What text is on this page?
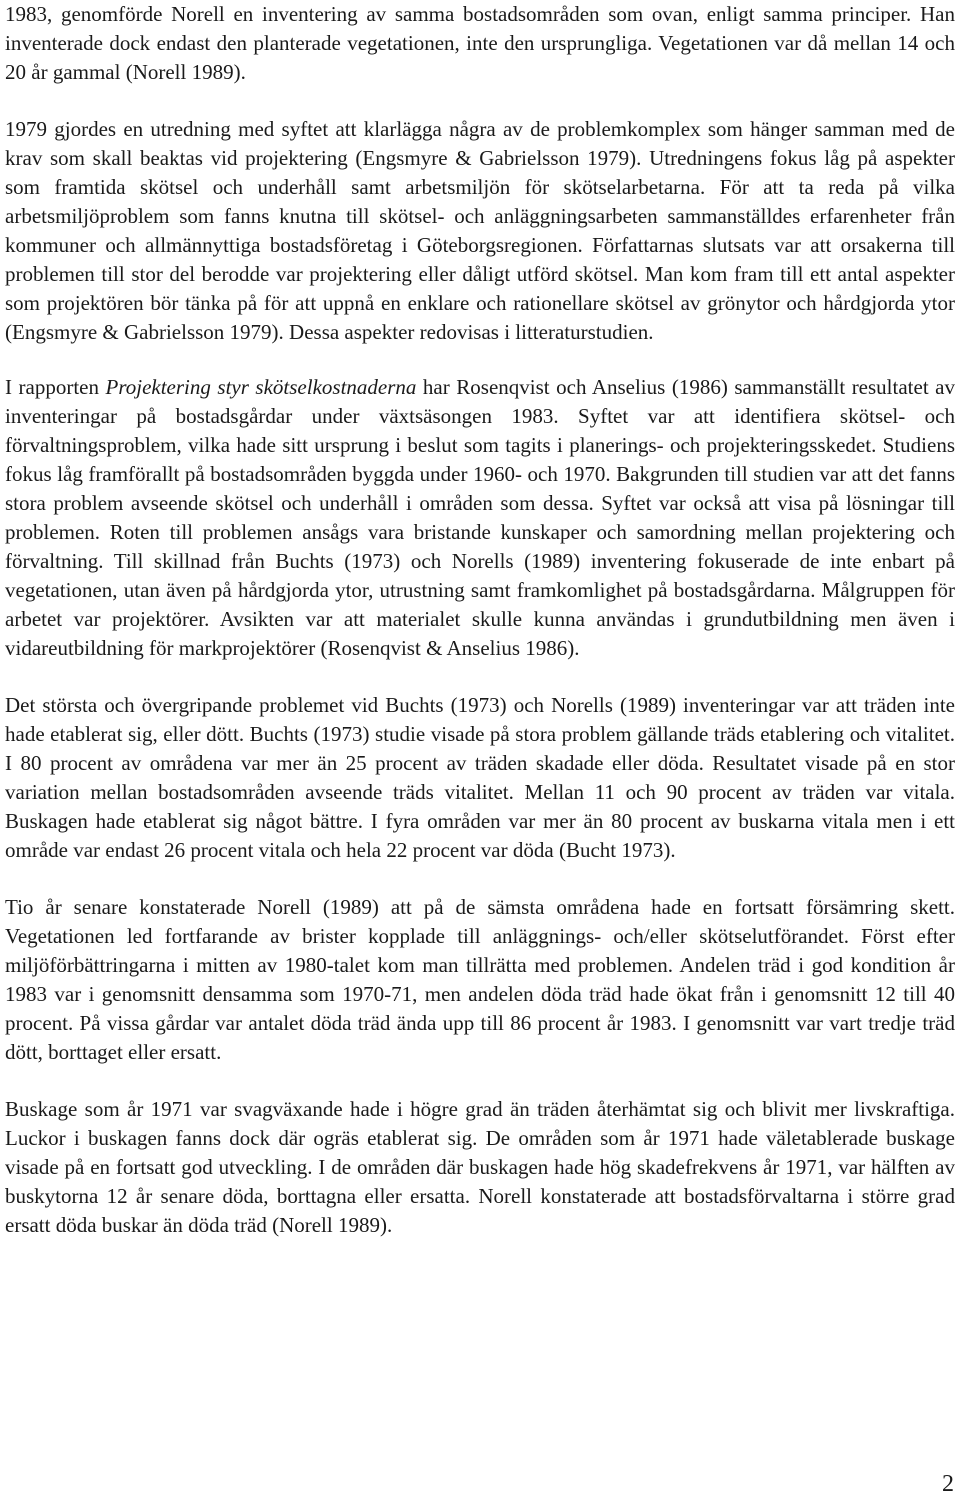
1983, genomförde Norell en inventering av samma bostadsområden som ovan, enligt samma principer. Han inventerade dock endast den planterade vegetationen, inte den ursprungliga. Vegetationen var då mellan 14 och 20 år gammal (Norell 1989).

1979 gjordes en utredning med syftet att klarlägga några av de problemkomplex som hänger samman med de krav som skall beaktas vid projektering (Engsmyre & Gabrielsson 1979). Utredningens fokus låg på aspekter som framtida skötsel och underhåll samt arbetsmiljön för skötselarbetarna. För att ta reda på vilka arbetsmiljöproblem som fanns knutna till skötsel- och anläggningsarbeten sammanställdes erfarenheter från kommuner och allmännyttiga bostadsföretag i Göteborgsregionen. Författarnas slutsats var att orsakerna till problemen till stor del berodde var projektering eller dåligt utförd skötsel. Man kom fram till ett antal aspekter som projektören bör tänka på för att uppnå en enklare och rationellare skötsel av grönytor och hårdgjorda ytor (Engsmyre & Gabrielsson 1979). Dessa aspekter redovisas i litteraturstudien.

I rapporten Projektering styr skötselkostnaderna har Rosenqvist och Anselius (1986) sammanställt resultatet av inventeringar på bostadsgårdar under växtsäsongen 1983. Syftet var att identifiera skötsel- och förvaltningsproblem, vilka hade sitt ursprung i beslut som tagits i planerings- och projekteringsskedet. Studiens fokus låg framförallt på bostadsområden byggda under 1960- och 1970. Bakgrunden till studien var att det fanns stora problem avseende skötsel och underhåll i områden som dessa. Syftet var också att visa på lösningar till problemen. Roten till problemen ansågs vara bristande kunskaper och samordning mellan projektering och förvaltning. Till skillnad från Buchts (1973) och Norells (1989) inventering fokuserade de inte enbart på vegetationen, utan även på hårdgjorda ytor, utrustning samt framkomlighet på bostadsgårdarna. Målgruppen för arbetet var projektörer. Avsikten var att materialet skulle kunna användas i grundutbildning men även i vidareutbildning för markprojektörer (Rosenqvist & Anselius 1986).

Det största och övergripande problemet vid Buchts (1973) och Norells (1989) inventeringar var att träden inte hade etablerat sig, eller dött. Buchts (1973) studie visade på stora problem gällande träds etablering och vitalitet. I 80 procent av områdena var mer än 25 procent av träden skadade eller döda. Resultatet visade på en stor variation mellan bostadsområden avseende träds vitalitet. Mellan 11 och 90 procent av träden var vitala. Buskagen hade etablerat sig något bättre. I fyra områden var mer än 80 procent av buskarna vitala men i ett område var endast 26 procent vitala och hela 22 procent var döda (Bucht 1973).

Tio år senare konstaterade Norell (1989) att på de sämsta områdena hade en fortsatt försämring skett. Vegetationen led fortfarande av brister kopplade till anläggnings- och/eller skötselutförandet. Först efter miljöförbättringarna i mitten av 1980-talet kom man tillrätta med problemen. Andelen träd i god kondition år 1983 var i genomsnitt densamma som 1970-71, men andelen döda träd hade ökat från i genomsnitt 12 till 40 procent. På vissa gårdar var antalet döda träd ända upp till 86 procent år 1983. I genomsnitt var vart tredje träd dött, borttaget eller ersatt.

Buskage som år 1971 var svagväxande hade i högre grad än träden återhämtat sig och blivit mer livskraftiga. Luckor i buskagen fanns dock där ogräs etablerat sig. De områden som år 1971 hade väletablerade buskage visade på en fortsatt god utveckling. I de områden där buskagen hade hög skadefrekvens år 1971, var hälften av buskytorna 12 år senare döda, borttagna eller ersatta. Norell konstaterade att bostadsförvaltarna i större grad ersatt döda buskar än döda träd (Norell 1989).

2
